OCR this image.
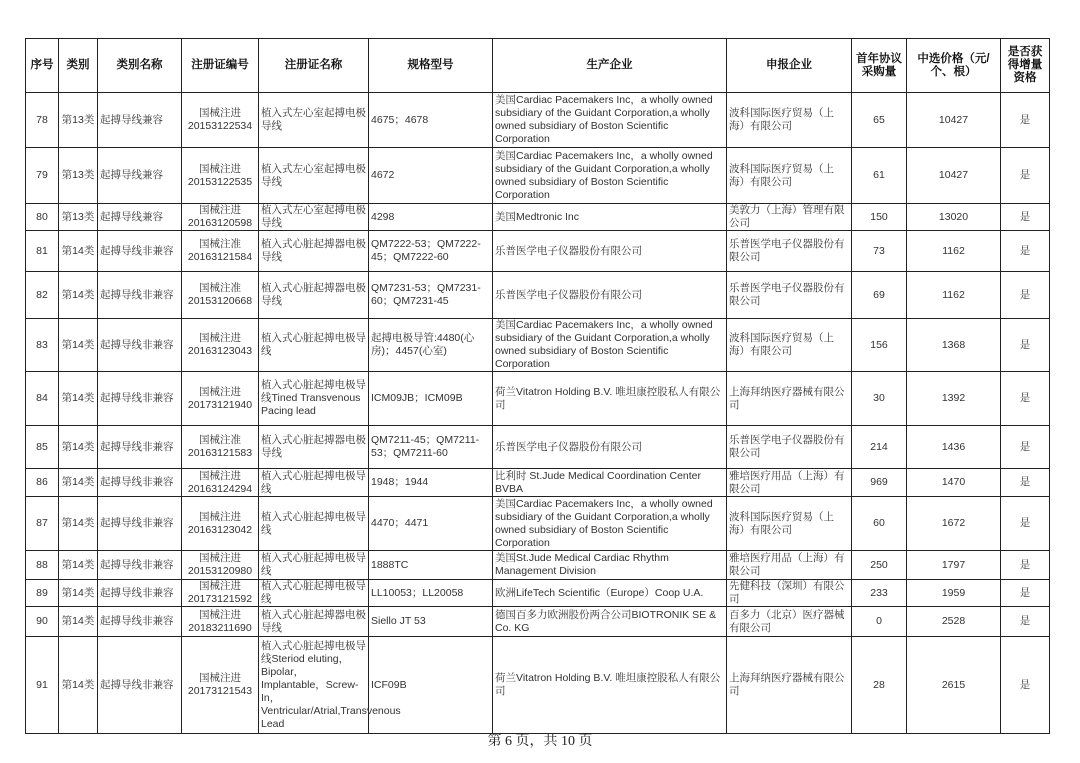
序号	类别	类别名称	注册证编号	注册证名称	规格型号	生产企业	申报企业	首年协议采购量	中选价格（元/个、根）	是否获得增量资格
78	第13类	起搏导线兼容	国械注进 20153122534	植入式左心室起搏电极导线	4675；4678	美国Cardiac Pacemakers Inc，a wholly owned subsidiary of the Guidant Corporation,a wholly owned subsidiary of Boston Scientific Corporation	波科国际医疗贸易（上海）有限公司	65	10427	是
79	第13类	起搏导线兼容	国械注进 20153122535	植入式左心室起搏电极导线	4672	美国Cardiac Pacemakers Inc，a wholly owned subsidiary of the Guidant Corporation,a wholly owned subsidiary of Boston Scientific Corporation	波科国际医疗贸易（上海）有限公司	61	10427	是
80	第13类	起搏导线兼容	国械注进 20163120598	植入式左心室起搏电极导线	4298	美国Medtronic Inc	美敦力（上海）管理有限公司	150	13020	是
81	第14类	起搏导线非兼容	国械注准 20163121584	植入式心脏起搏器电极导线	QM7222-53；QM7222-45；QM7222-60	乐普医学电子仪器股份有限公司	乐普医学电子仪器股份有限公司	73	1162	是
82	第14类	起搏导线非兼容	国械注准 20153120668	植入式心脏起搏器电极导线	QM7231-53；QM7231-60；QM7231-45	乐普医学电子仪器股份有限公司	乐普医学电子仪器股份有限公司	69	1162	是
83	第14类	起搏导线非兼容	国械注进 20163123043	植入式心脏起搏电极导线	起搏电极导管:4480(心房)；4457(心室)	美国Cardiac Pacemakers Inc，a wholly owned subsidiary of the Guidant Corporation,a wholly owned subsidiary of Boston Scientific Corporation	波科国际医疗贸易（上海）有限公司	156	1368	是
84	第14类	起搏导线非兼容	国械注进 20173121940	植入式心脏起搏电极导线Tined Transvenous Pacing lead	ICM09JB；ICM09B	荷兰Vitatron Holding B.V. 唯坦康控股私人有限公司	上海拜纳医疗器械有限公司	30	1392	是
85	第14类	起搏导线非兼容	国械注准 20163121583	植入式心脏起搏器电极导线	QM7211-45；QM7211-53；QM7211-60	乐普医学电子仪器股份有限公司	乐普医学电子仪器股份有限公司	214	1436	是
86	第14类	起搏导线非兼容	国械注进 20163124294	植入式心脏起搏电极导线	1948；1944	比利时 St.Jude Medical Coordination Center BVBA	雅培医疗用品（上海）有限公司	969	1470	是
87	第14类	起搏导线非兼容	国械注进 20163123042	植入式心脏起搏电极导线	4470；4471	美国Cardiac Pacemakers Inc，a wholly owned subsidiary of the Guidant Corporation,a wholly owned subsidiary of Boston Scientific Corporation	波科国际医疗贸易（上海）有限公司	60	1672	是
88	第14类	起搏导线非兼容	国械注进 20153120980	植入式心脏起搏电极导线	1888TC	美国St.Jude Medical Cardiac Rhythm Management Division	雅培医疗用品（上海）有限公司	250	1797	是
89	第14类	起搏导线非兼容	国械注进 20173121592	植入式心脏起搏电极导线	LL10053；LL20058	欧洲LifeTech Scientific（Europe）Coop U.A.	先健科技（深圳）有限公司	233	1959	是
90	第14类	起搏导线非兼容	国械注进 20183211690	植入式心脏起搏器电极导线	Siello JT 53	德国百多力欧洲股份两合公司BIOTRONIK SE & Co. KG	百多力（北京）医疗器械有限公司	0	2528	是
91	第14类	起搏导线非兼容	国械注进 20173121543	植入式心脏起搏电极导线Steriod eluting，Bipolar，Implantable，Screw-In，Ventricular/Atrial,Transvenous Lead	ICF09B	荷兰Vitatron Holding B.V. 唯坦康控股私人有限公司	上海拜纳医疗器械有限公司	28	2615	是
第 6 页，共 10 页
